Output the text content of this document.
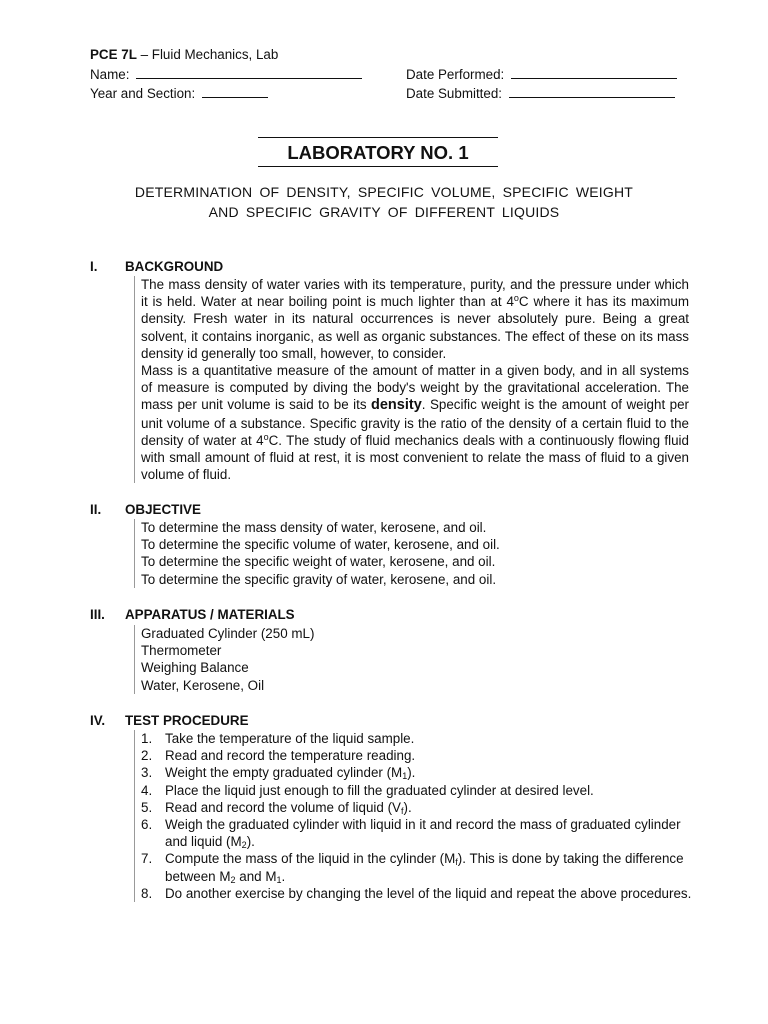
PCE 7L – Fluid Mechanics, Lab
Name:
Year and Section:
Date Performed:
Date Submitted:
LABORATORY NO. 1
DETERMINATION OF DENSITY, SPECIFIC VOLUME, SPECIFIC WEIGHT
AND SPECIFIC GRAVITY OF DIFFERENT LIQUIDS
I. BACKGROUND

The mass density of water varies with its temperature, purity, and the pressure under which it is held. Water at near boiling point is much lighter than at 4$^o$C where it has its maximum density. Fresh water in its natural occurrences is never absolutely pure. Being a great solvent, it contains inorganic, as well as organic substances. The effect of these on its mass density id generally too small, however, to consider.

Mass is a quantitative measure of the amount of matter in a given body, and in all systems of measure is computed by diving the body's weight by the gravitational acceleration. The mass per unit volume is said to be its density. Specific weight is the amount of weight per unit volume of a substance. Specific gravity is the ratio of the density of a certain fluid to the density of water at 4$^o$C. The study of fluid mechanics deals with a continuously flowing fluid with small amount of fluid at rest, it is most convenient to relate the mass of fluid to a given volume of fluid.

II. OBJECTIVE
To determine the mass density of water, kerosene, and oil.
To determine the specific volume of water, kerosene, and oil.
To determine the specific weight of water, kerosene, and oil.
To determine the specific gravity of water, kerosene, and oil.
III. APPARATUS / MATERIALS
Graduated Cylinder (250 mL)
Thermometer
Weighing Balance
Water, Kerosene, Oil
IV. TEST PROCEDURE
1. Take the temperature of the liquid sample.
2. Read and record the temperature reading.
3. Weight the empty graduated cylinder $(M_1)$.
4. Place the liquid just enough to fill the graduated cylinder at desired level.
5. Read and record the volume of liquid $(V_f)$.
6. Weigh the graduated cylinder with liquid in it and record the mass of graduated cylinder and liquid $(M_2)$.
7. Compute the mass of the liquid in the cylinder $(M_f)$. This is done by taking the difference between $M_2$ and $M_1$.
8. Do another exercise by changing the level of the liquid and repeat the above procedures.
